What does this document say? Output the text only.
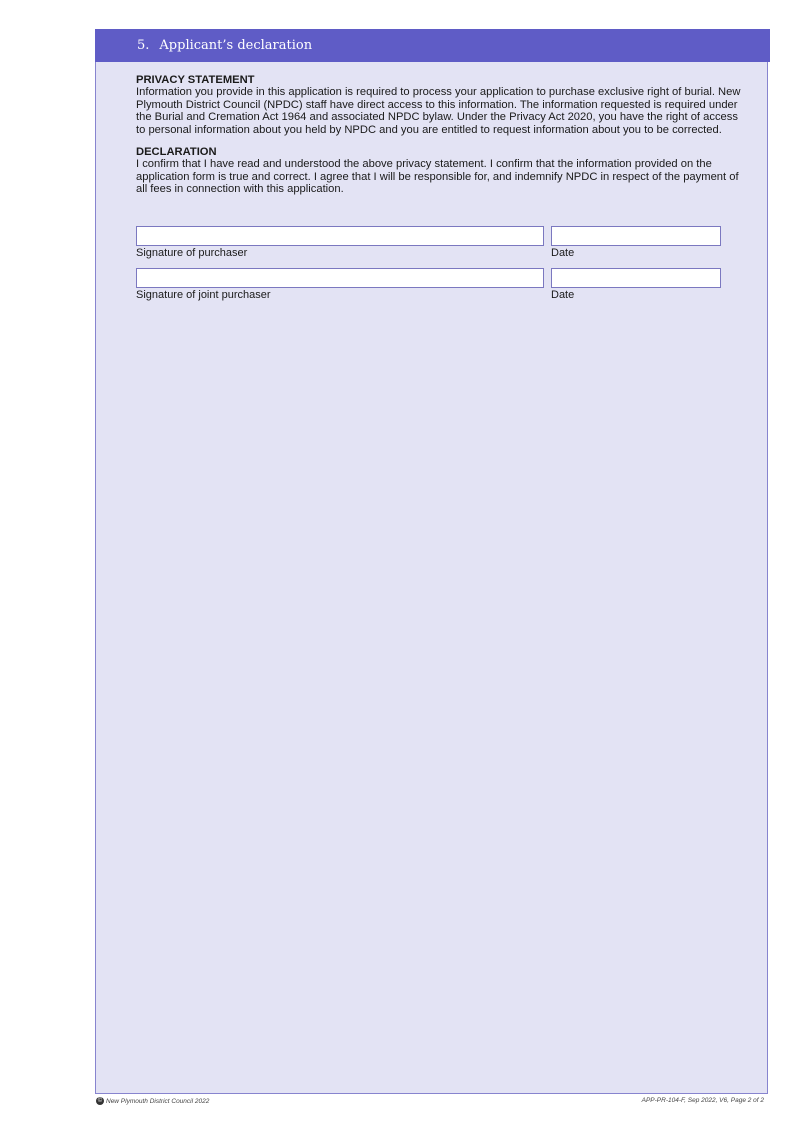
5. Applicant’s declaration

PRIVACY STATEMENT

Information you provide in this application is required to process your application to purchase exclusive right of burial. New Plymouth District Council (NPDC) staff have direct access to this information. The information requested is required under the Burial and Cremation Act 1964 and associated NPDC bylaw. Under the Privacy Act 2020, you have the right of access to personal information about you held by NPDC and you are entitled to request information about you to be corrected.

DECLARATION

I confirm that I have read and understood the above privacy statement. I confirm that the information provided on the application form is true and correct. I agree that I will be responsible for, and indemnify NPDC in respect of the payment of all fees in connection with this application.

Signature of purchaser	Date
Signature of joint purchaser	Date
© New Plymouth District Council 2022	APP-PR-104-F, Sep 2022, V6, Page 2 of 2
